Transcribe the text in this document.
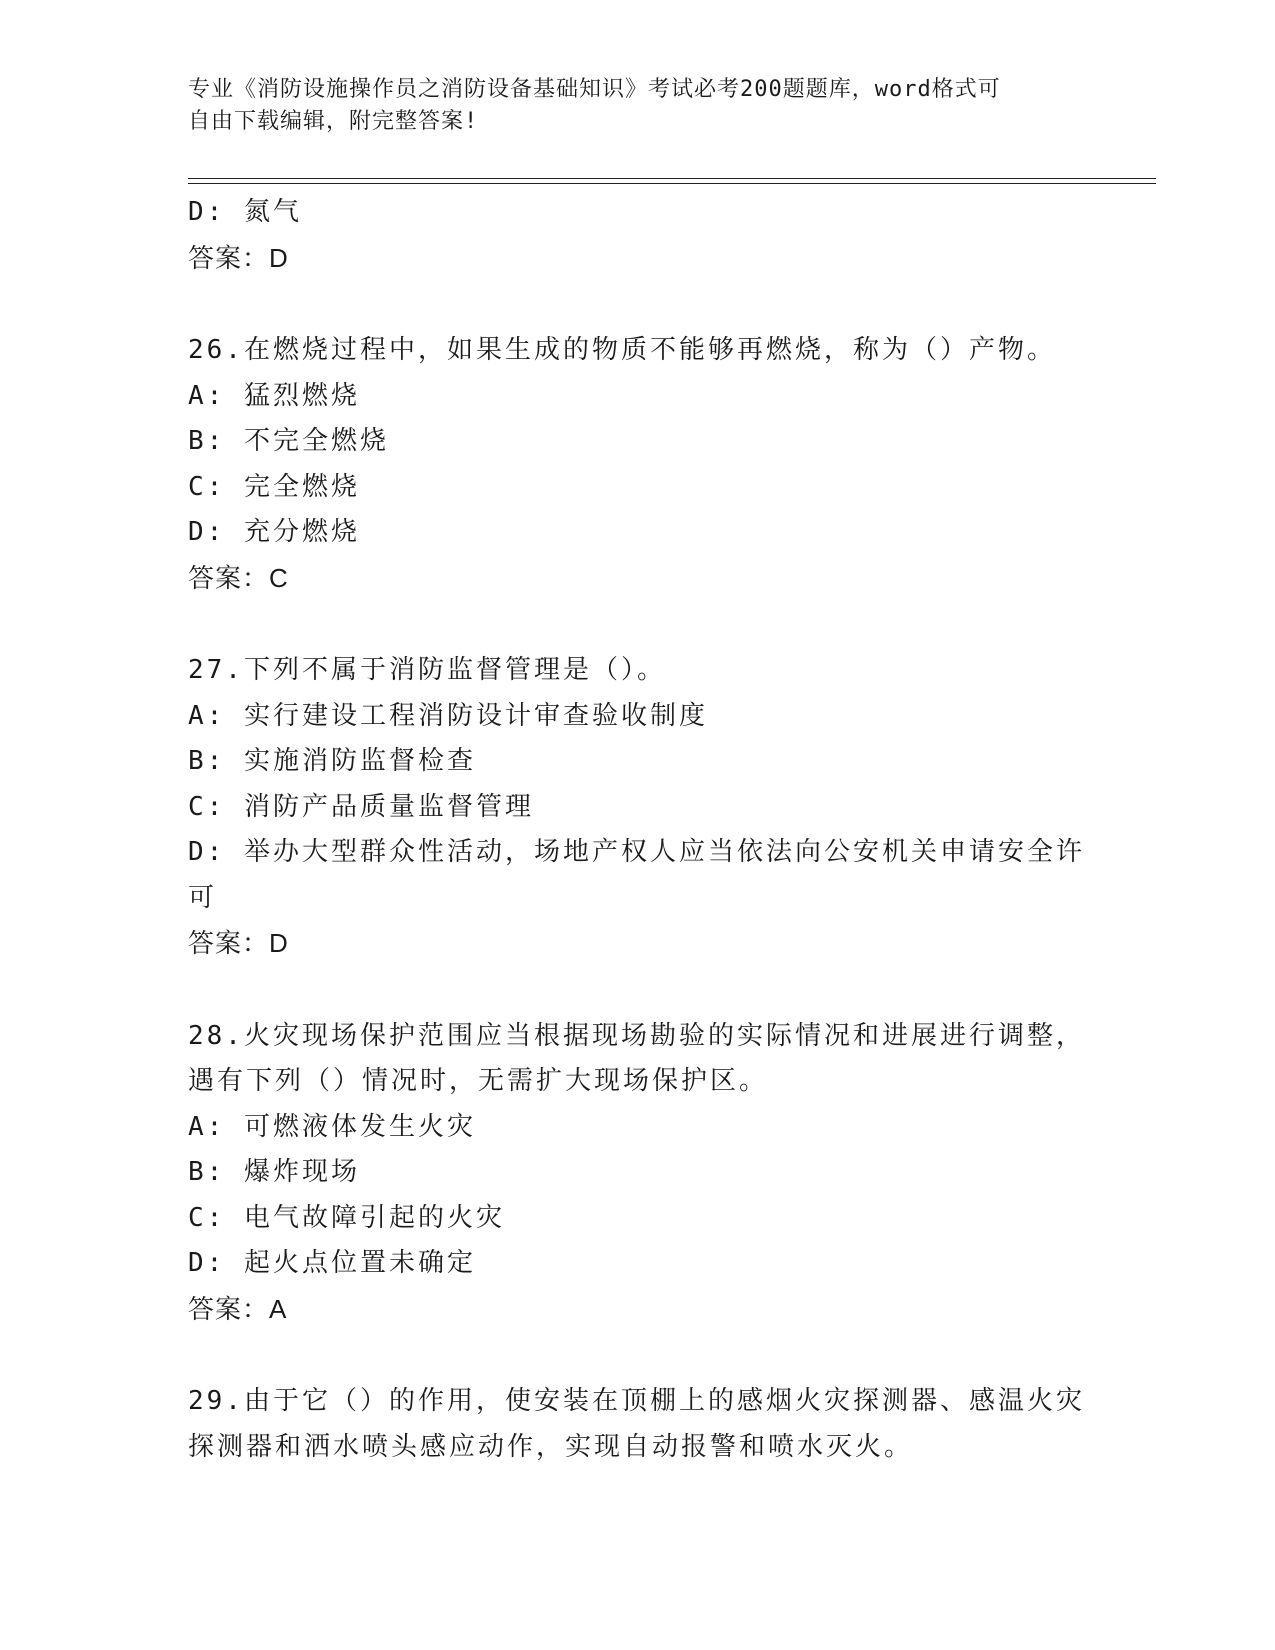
专业《消防设施操作员之消防设备基础知识》考试必考200题题库，word格式可
自由下载编辑，附完整答案!
D: 氮气
答案：D
26.在燃烧过程中，如果生成的物质不能够再燃烧，称为（）产物。
A: 猛烈燃烧
B: 不完全燃烧
C: 完全燃烧
D: 充分燃烧
答案：C
27.下列不属于消防监督管理是（）。
A: 实行建设工程消防设计审查验收制度
B: 实施消防监督检查
C: 消防产品质量监督管理
D: 举办大型群众性活动，场地产权人应当依法向公安机关申请安全许可
答案：D
28.火灾现场保护范围应当根据现场勘验的实际情况和进展进行调整，遇有下列（）情况时，无需扩大现场保护区。
A: 可燃液体发生火灾
B: 爆炸现场
C: 电气故障引起的火灾
D: 起火点位置未确定
答案：A
29.由于它（）的作用，使安装在顶棚上的感烟火灾探测器、感温火灾探测器和洒水喷头感应动作，实现自动报警和喷水灭火。
